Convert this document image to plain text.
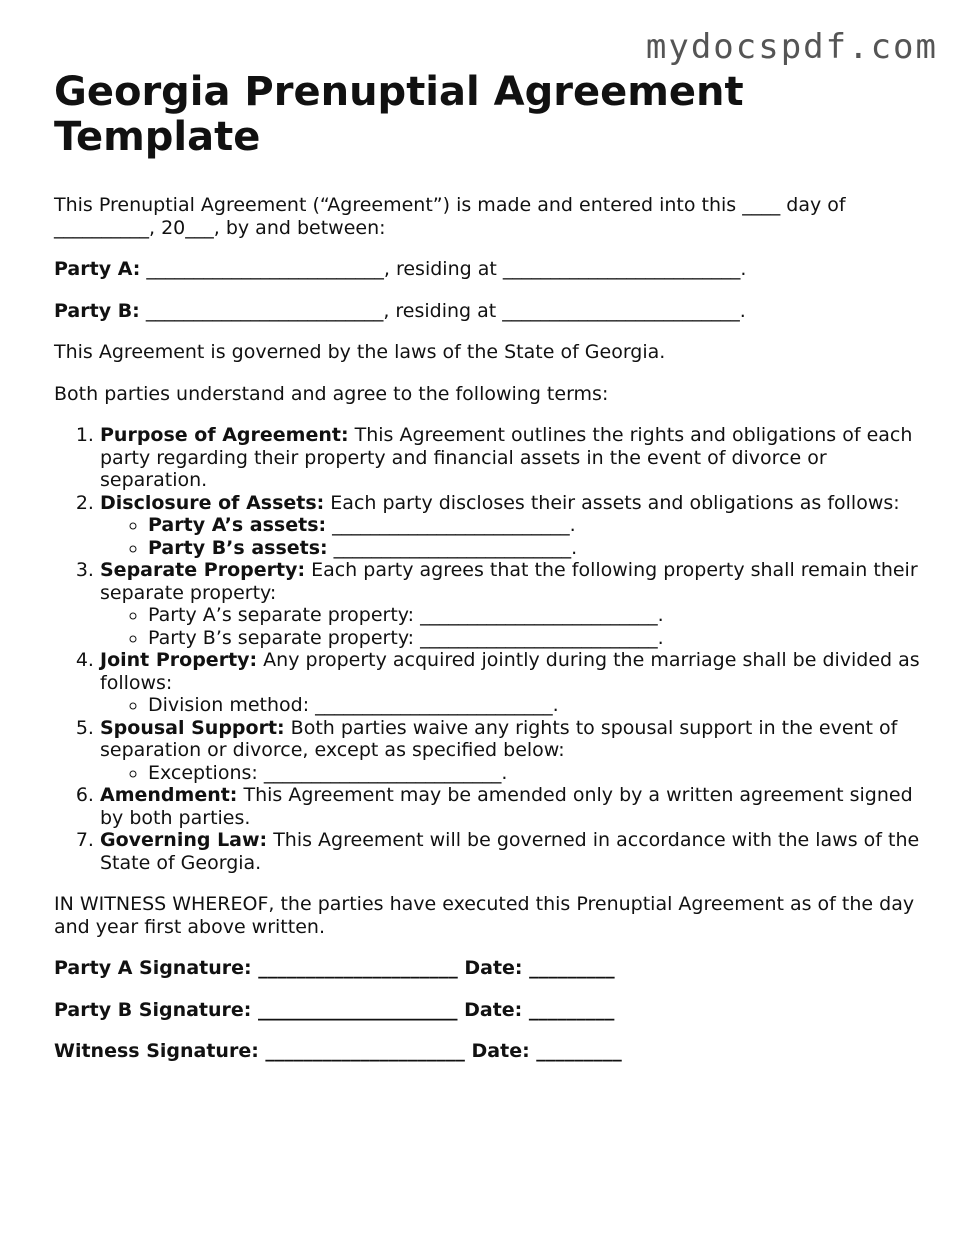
mydocspdf.com
Georgia Prenuptial Agreement Template

This Prenuptial Agreement (“Agreement”) is made and entered into this ____ day of __________, 20___, by and between:

Party A: _________________________, residing at _________________________.

Party B: _________________________, residing at _________________________.

This Agreement is governed by the laws of the State of Georgia.

Both parties understand and agree to the following terms:

1. Purpose of Agreement: This Agreement outlines the rights and obligations of each party regarding their property and financial assets in the event of divorce or separation.
2. Disclosure of Assets: Each party discloses their assets and obligations as follows:
◦ Party A’s assets: _________________________.
◦ Party B’s assets: _________________________.
3. Separate Property: Each party agrees that the following property shall remain their separate property:
◦ Party A’s separate property: _________________________.
◦ Party B’s separate property: _________________________.
4. Joint Property: Any property acquired jointly during the marriage shall be divided as follows:
◦ Division method: _________________________.
5. Spousal Support: Both parties waive any rights to spousal support in the event of separation or divorce, except as specified below:
◦ Exceptions: _________________________.
6. Amendment: This Agreement may be amended only by a written agreement signed by both parties.
7. Governing Law: This Agreement will be governed in accordance with the laws of the State of Georgia.

IN WITNESS WHEREOF, the parties have executed this Prenuptial Agreement as of the day and year first above written.

Party A Signature: _____________________ Date: _________

Party B Signature: _____________________ Date: _________

Witness Signature: _____________________ Date: _________
